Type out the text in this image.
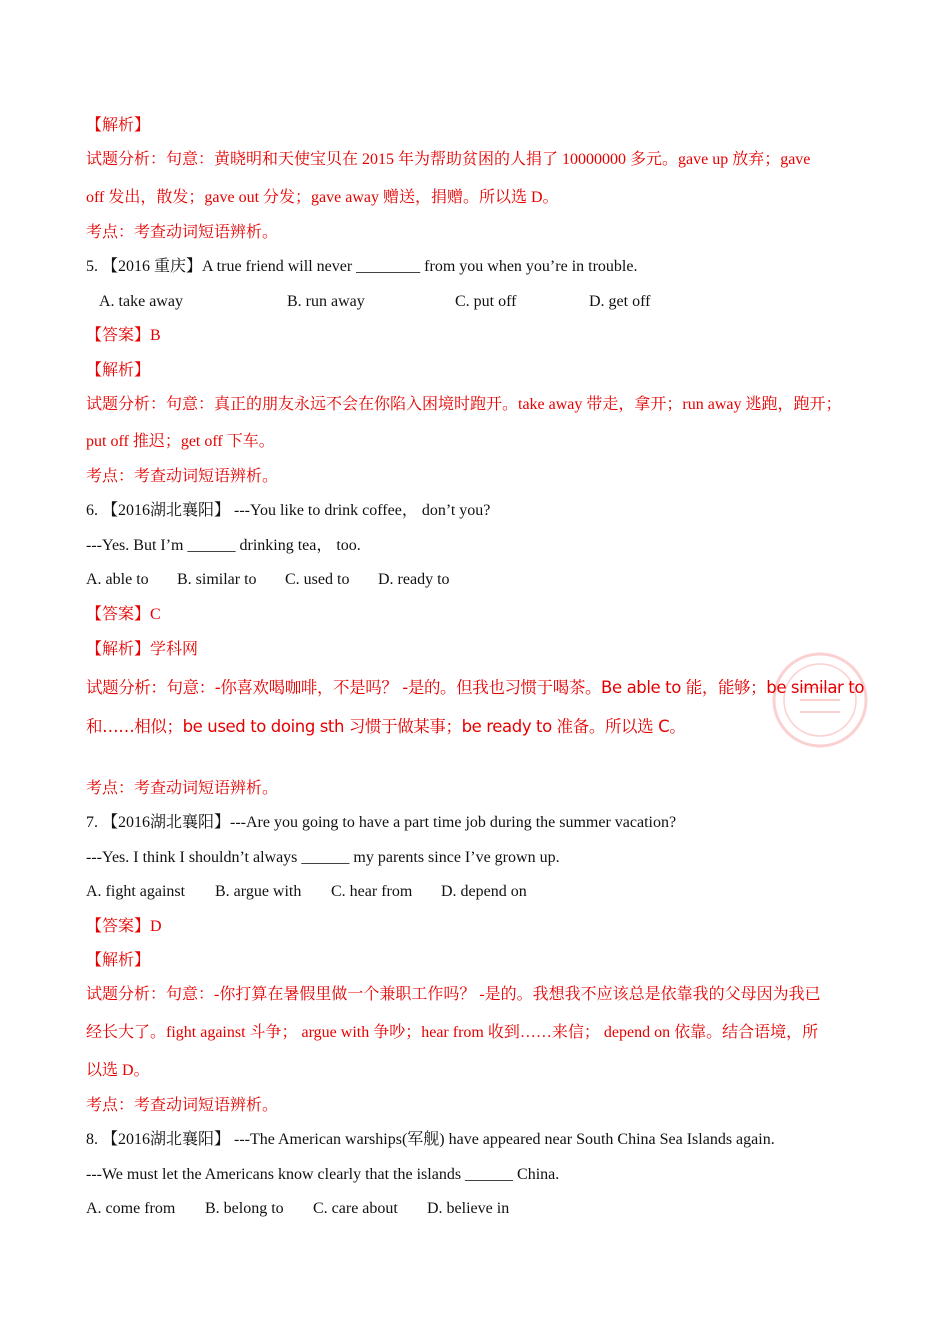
【解析】
试题分析：句意：黄晓明和天使宝贝在 2015 年为帮助贫困的人捐了 10000000 多元。gave up 放弃；gave
off 发出，散发；gave out 分发；gave away 赠送，捐赠。所以选 D。
考点：考查动词短语辨析。
5. 【2016 重庆】A true friend will never ________ from you when you’re in trouble.
A. take away	B. run away	C. put off	D. get off
【答案】B
【解析】
试题分析：句意：真正的朋友永远不会在你陷入困境时跑开。take away 带走，拿开；run away 逃跑，跑开；
put off 推迟；get off 下车。
考点：考查动词短语辨析。
6. 【2016湖北襄阳】 ---You like to drink coffee， don’t you?
---Yes. But I’m ______ drinking tea， too.
A. able to B. similar to C. used to D. ready to
【答案】C
【解析】学科网
试题分析：句意：-你喜欢喝咖啡，不是吗？ -是的。但我也习惯于喝茶。Be able to 能，能够；be similar to
和……相似；be used to doing sth 习惯于做某事；be ready to 准备。所以选 C。
考点：考查动词短语辨析。
7. 【2016湖北襄阳】---Are you going to have a part time job during the summer vacation?
---Yes. I think I shouldn’t always ______ my parents since I’ve grown up.
A. fight against B. argue with C. hear from D. depend on
【答案】D
【解析】
试题分析：句意：-你打算在暑假里做一个兼职工作吗？ -是的。我想我不应该总是依靠我的父母因为我已
经长大了。fight against 斗争； argue with 争吵；hear from 收到……来信； depend on 依靠。结合语境，所
以选 D。
考点：考查动词短语辨析。
8. 【2016湖北襄阳】 ---The American warships(军舰) have appeared near South China Sea Islands again.
---We must let the Americans know clearly that the islands ______ China.
A. come from B. belong to C. care about D. believe in
